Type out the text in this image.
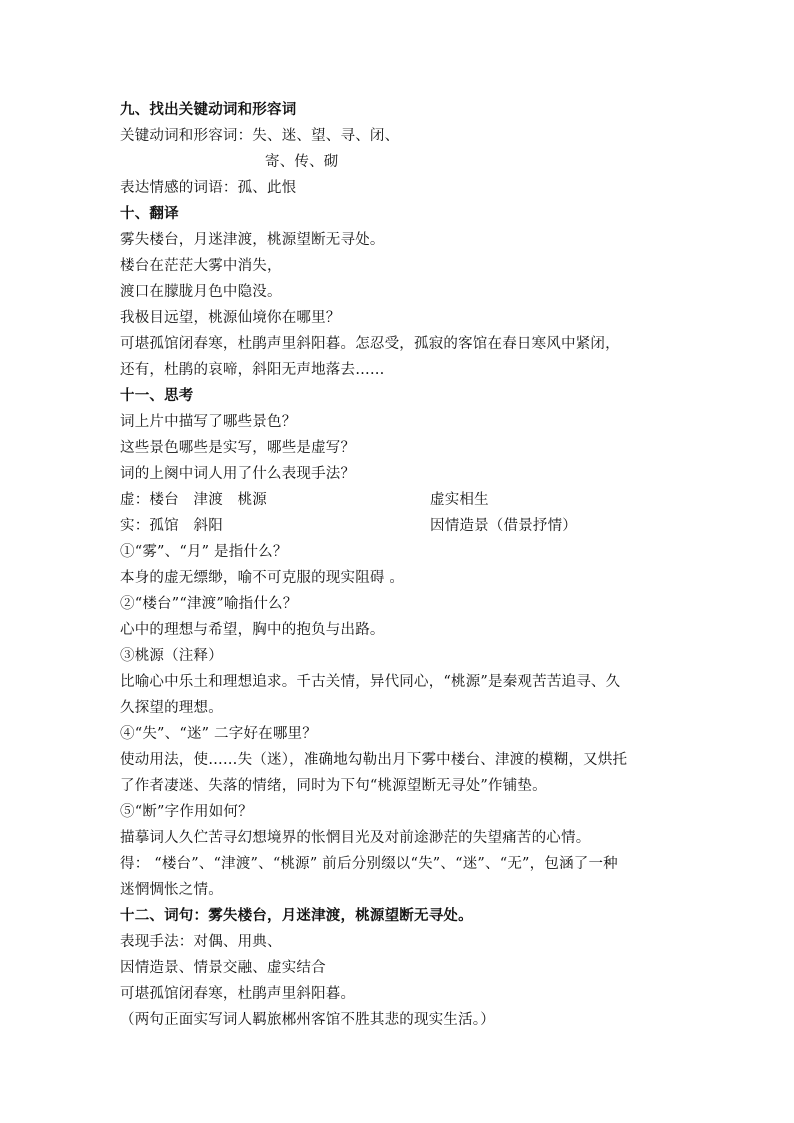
九、找出关键动词和形容词
关键动词和形容词：失、迷、望、寻、闭、
寄、传、砌
表达情感的词语：孤、此恨
十、翻译
雾失楼台，月迷津渡，桃源望断无寻处。
楼台在茫茫大雾中消失，
渡口在朦胧月色中隐没。
我极目远望，桃源仙境你在哪里？
可堪孤馆闭春寒，杜鹃声里斜阳暮。怎忍受，孤寂的客馆在春日寒风中紧闭，
还有，杜鹃的哀啼，斜阳无声地落去……
十一、思考
词上片中描写了哪些景色？
这些景色哪些是实写，哪些是虚写？
词的上阕中词人用了什么表现手法？
虚：楼台　津渡　桃源	虚实相生
实：孤馆　斜阳	因情造景（借景抒情）
①“雾”、“月” 是指什么？
本身的虚无缥缈，喻不可克服的现实阻碍 。
②“楼台”“津渡”喻指什么？
心中的理想与希望，胸中的抱负与出路。
③桃源（注释）
比喻心中乐土和理想追求。千古关情，异代同心，“桃源”是秦观苦苦追寻、久
久探望的理想。
④“失”、“迷” 二字好在哪里？
使动用法，使……失（迷），准确地勾勒出月下雾中楼台、津渡的模糊，又烘托
了作者凄迷、失落的情绪，同时为下句“桃源望断无寻处”作铺垫。
⑤“断”字作用如何？
描摹词人久伫苦寻幻想境界的怅惘目光及对前途渺茫的失望痛苦的心情。
得： “楼台”、“津渡”、“桃源” 前后分别缀以“失”、“迷”、“无”，包涵了一种
迷惘惆怅之情。
十二、词句：雾失楼台，月迷津渡，桃源望断无寻处。
表现手法：对偶、用典、
因情造景、情景交融、虚实结合
可堪孤馆闭春寒，杜鹃声里斜阳暮。
（两句正面实写词人羁旅郴州客馆不胜其悲的现实生活。）
